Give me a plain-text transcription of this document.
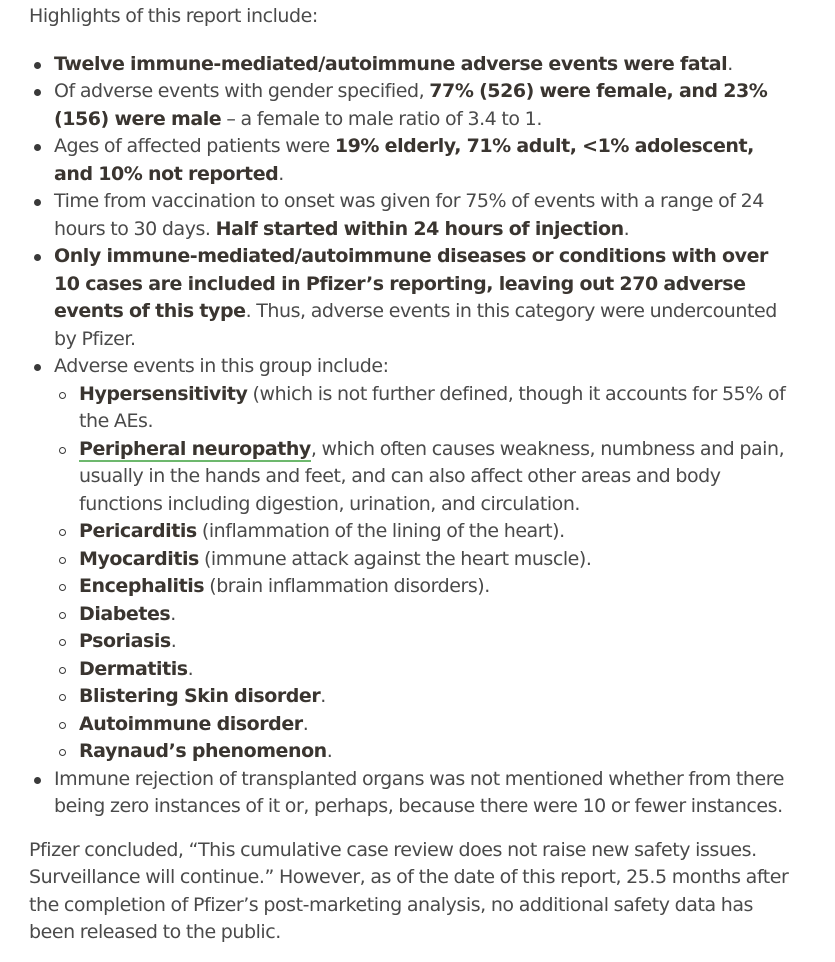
Highlights of this report include:

Twelve immune-mediated/autoimmune adverse events were fatal.
Of adverse events with gender specified, 77% (526) were female, and 23% (156) were male – a female to male ratio of 3.4 to 1.
Ages of affected patients were 19% elderly, 71% adult, <1% adolescent, and 10% not reported.
Time from vaccination to onset was given for 75% of events with a range of 24 hours to 30 days. Half started within 24 hours of injection.
Only immune-mediated/autoimmune diseases or conditions with over 10 cases are included in Pfizer’s reporting, leaving out 270 adverse events of this type. Thus, adverse events in this category were undercounted by Pfizer.
Adverse events in this group include:
Hypersensitivity (which is not further defined, though it accounts for 55% of the AEs.
Peripheral neuropathy, which often causes weakness, numbness and pain, usually in the hands and feet, and can also affect other areas and body functions including digestion, urination, and circulation.
Pericarditis (inflammation of the lining of the heart).
Myocarditis (immune attack against the heart muscle).
Encephalitis (brain inflammation disorders).
Diabetes.
Psoriasis.
Dermatitis.
Blistering Skin disorder.
Autoimmune disorder.
Raynaud’s phenomenon.
Immune rejection of transplanted organs was not mentioned whether from there being zero instances of it or, perhaps, because there were 10 or fewer instances.

Pfizer concluded, “This cumulative case review does not raise new safety issues. Surveillance will continue.” However, as of the date of this report, 25.5 months after the completion of Pfizer’s post-marketing analysis, no additional safety data has been released to the public.
